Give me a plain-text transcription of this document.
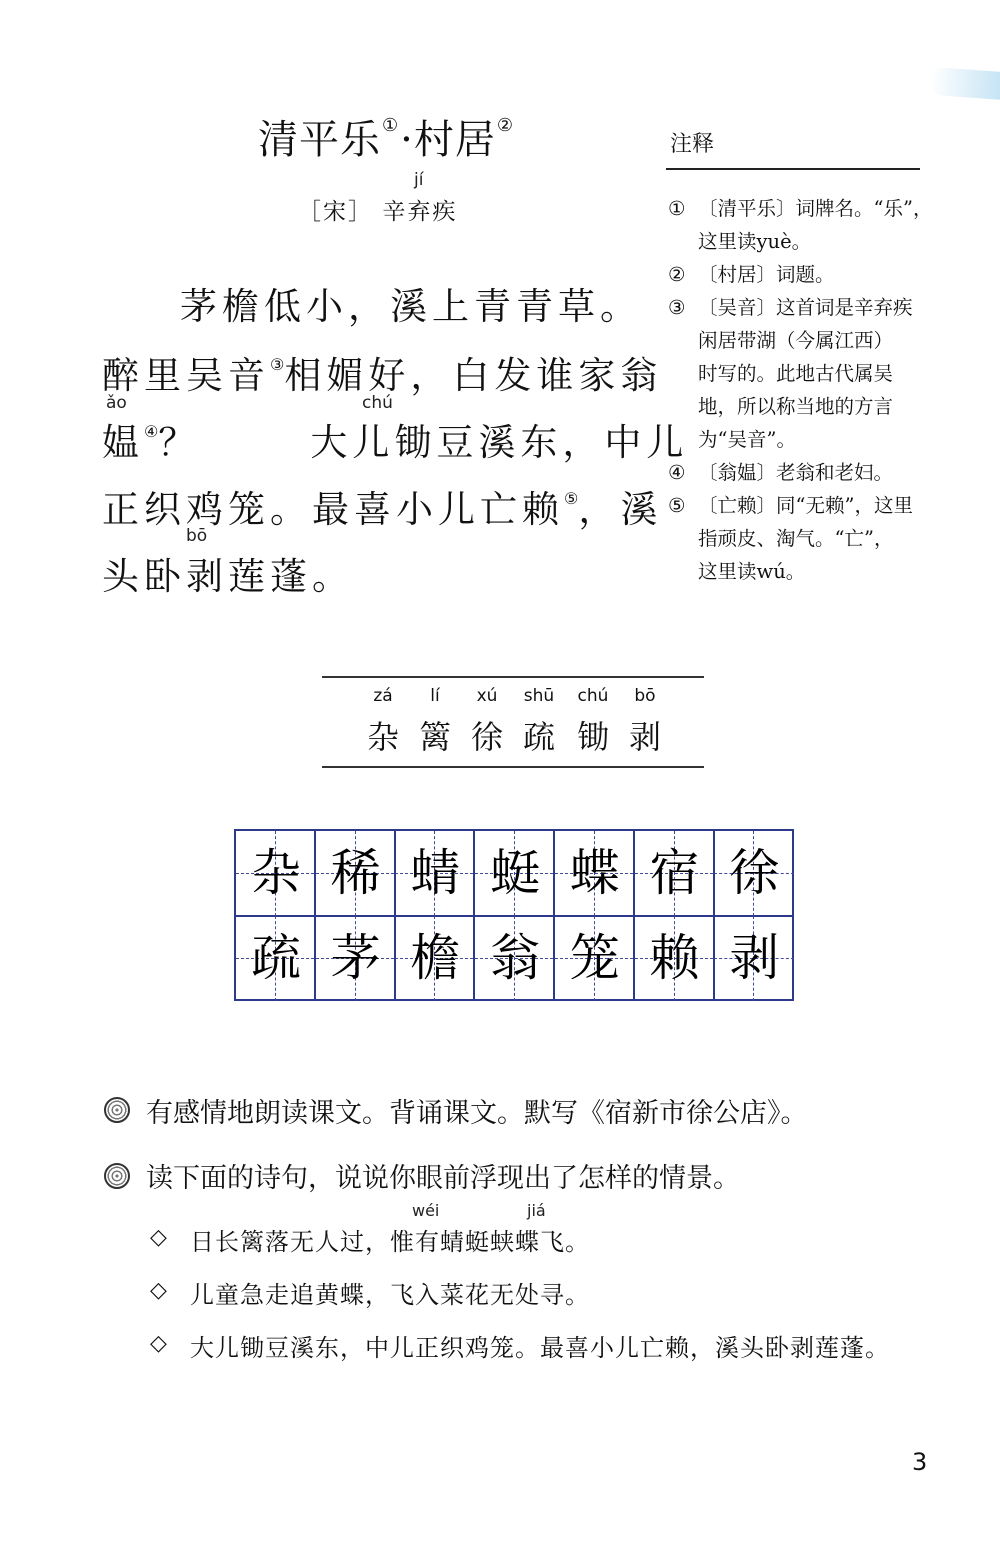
清平乐①·村居②
jí
［宋］ 辛弃疾
茅檐低小，溪上青青草。
醉里吴音③相媚好，白发谁家翁
ǎo	chú
媪④？	大儿锄豆溪东，中儿
正织鸡笼。最喜小儿亡赖⑤，溪
bō
头卧剥莲蓬。
注释
① 〔清平乐〕词牌名。“乐”，
这里读yuè。
② 〔村居〕词题。
③ 〔吴音〕这首词是辛弃疾
闲居带湖（今属江西）
时写的。此地古代属吴
地，所以称当地的方言
为“吴音”。
④ 〔翁媪〕老翁和老妇。
⑤ 〔亡赖〕同“无赖”，这里
指顽皮、淘气。“亡”，
这里读wú。
zá
杂
lí
篱
xú
徐
shū
疏
chú
锄
bō
剥
杂 稀 蜻 蜓 蝶 宿 徐
疏 茅 檐 翁 笼 赖 剥
有感情地朗读课文。背诵课文。默写《宿新市徐公店》。
读下面的诗句，说说你眼前浮现出了怎样的情景。
wéi	jiá
◇ 日长篱落无人过，惟有蜻蜓蛱蝶飞。
◇ 儿童急走追黄蝶，飞入菜花无处寻。
◇ 大儿锄豆溪东，中儿正织鸡笼。最喜小儿亡赖，溪头卧剥莲蓬。
3
